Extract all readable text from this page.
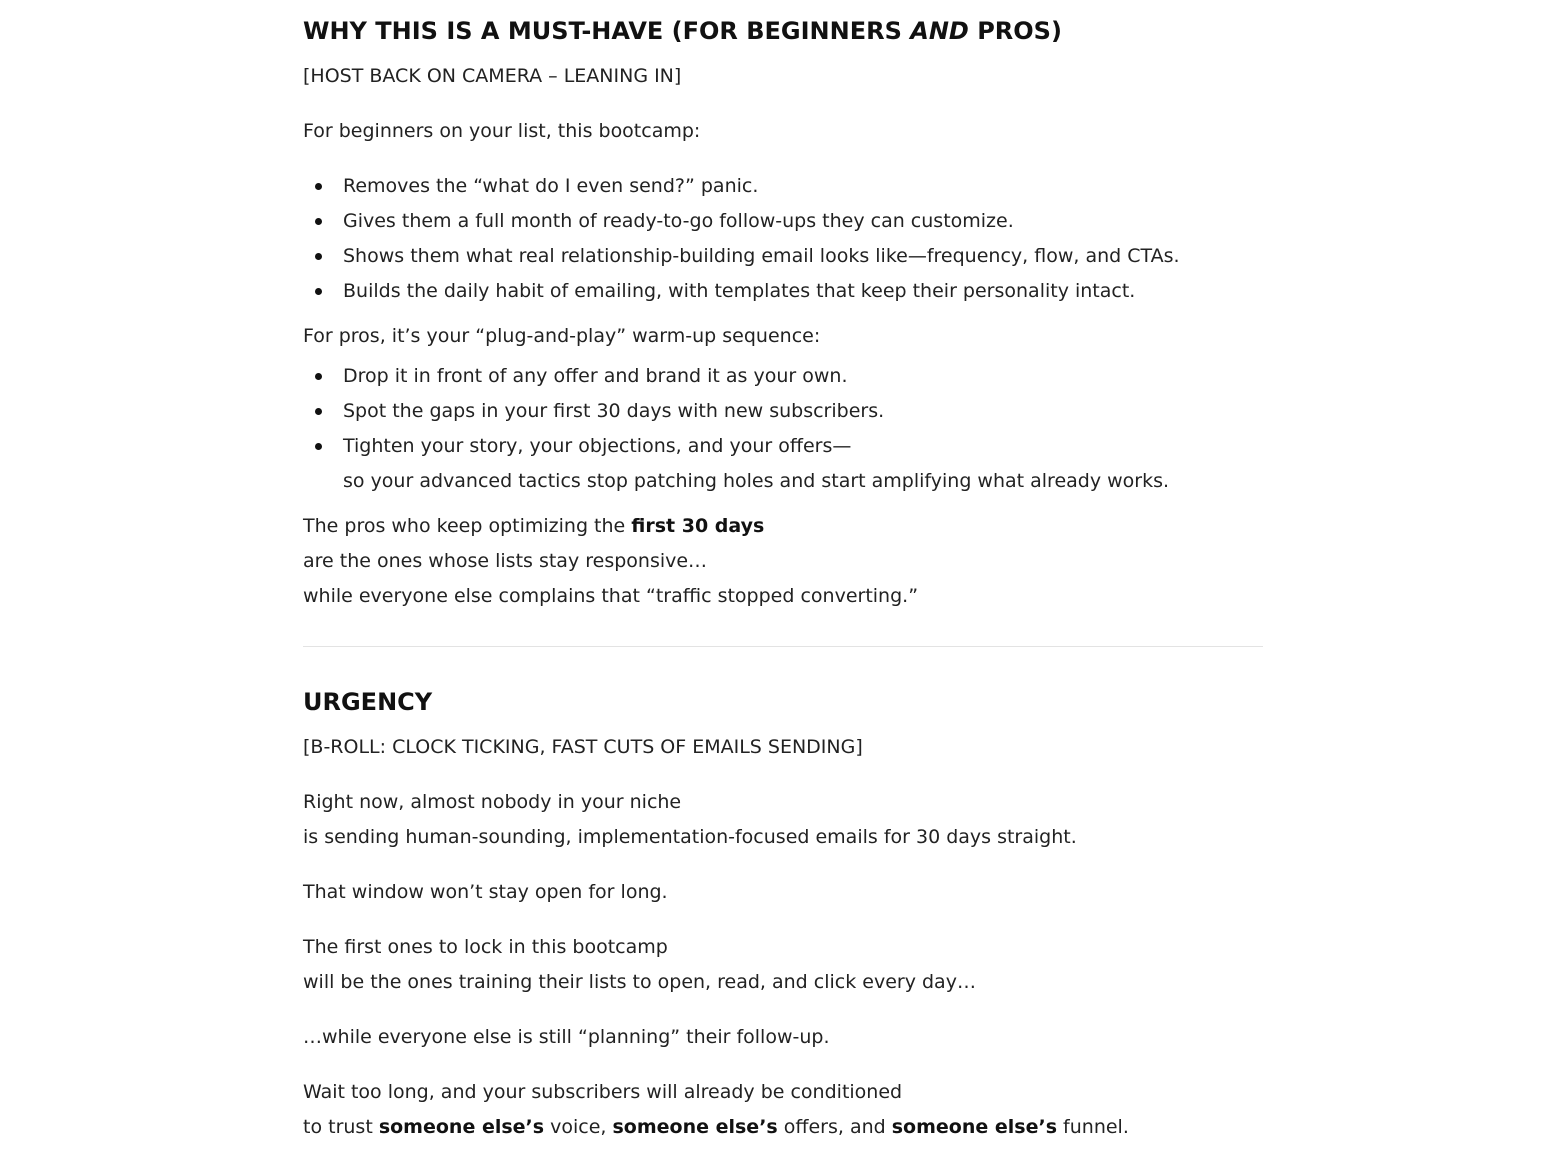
WHY THIS IS A MUST-HAVE (FOR BEGINNERS AND PROS)
[HOST BACK ON CAMERA – LEANING IN]
For beginners on your list, this bootcamp:
Removes the “what do I even send?” panic.
Gives them a full month of ready-to-go follow-ups they can customize.
Shows them what real relationship-building email looks like—frequency, flow, and CTAs.
Builds the daily habit of emailing, with templates that keep their personality intact.
For pros, it’s your “plug-and-play” warm-up sequence:
Drop it in front of any offer and brand it as your own.
Spot the gaps in your first 30 days with new subscribers.
Tighten your story, your objections, and your offers—
so your advanced tactics stop patching holes and start amplifying what already works.
The pros who keep optimizing the first 30 days
are the ones whose lists stay responsive…
while everyone else complains that “traffic stopped converting.”
URGENCY
[B-ROLL: CLOCK TICKING, FAST CUTS OF EMAILS SENDING]
Right now, almost nobody in your niche
is sending human-sounding, implementation-focused emails for 30 days straight.
That window won’t stay open for long.
The first ones to lock in this bootcamp
will be the ones training their lists to open, read, and click every day…
…while everyone else is still “planning” their follow-up.
Wait too long, and your subscribers will already be conditioned
to trust someone else’s voice, someone else’s offers, and someone else’s funnel.
